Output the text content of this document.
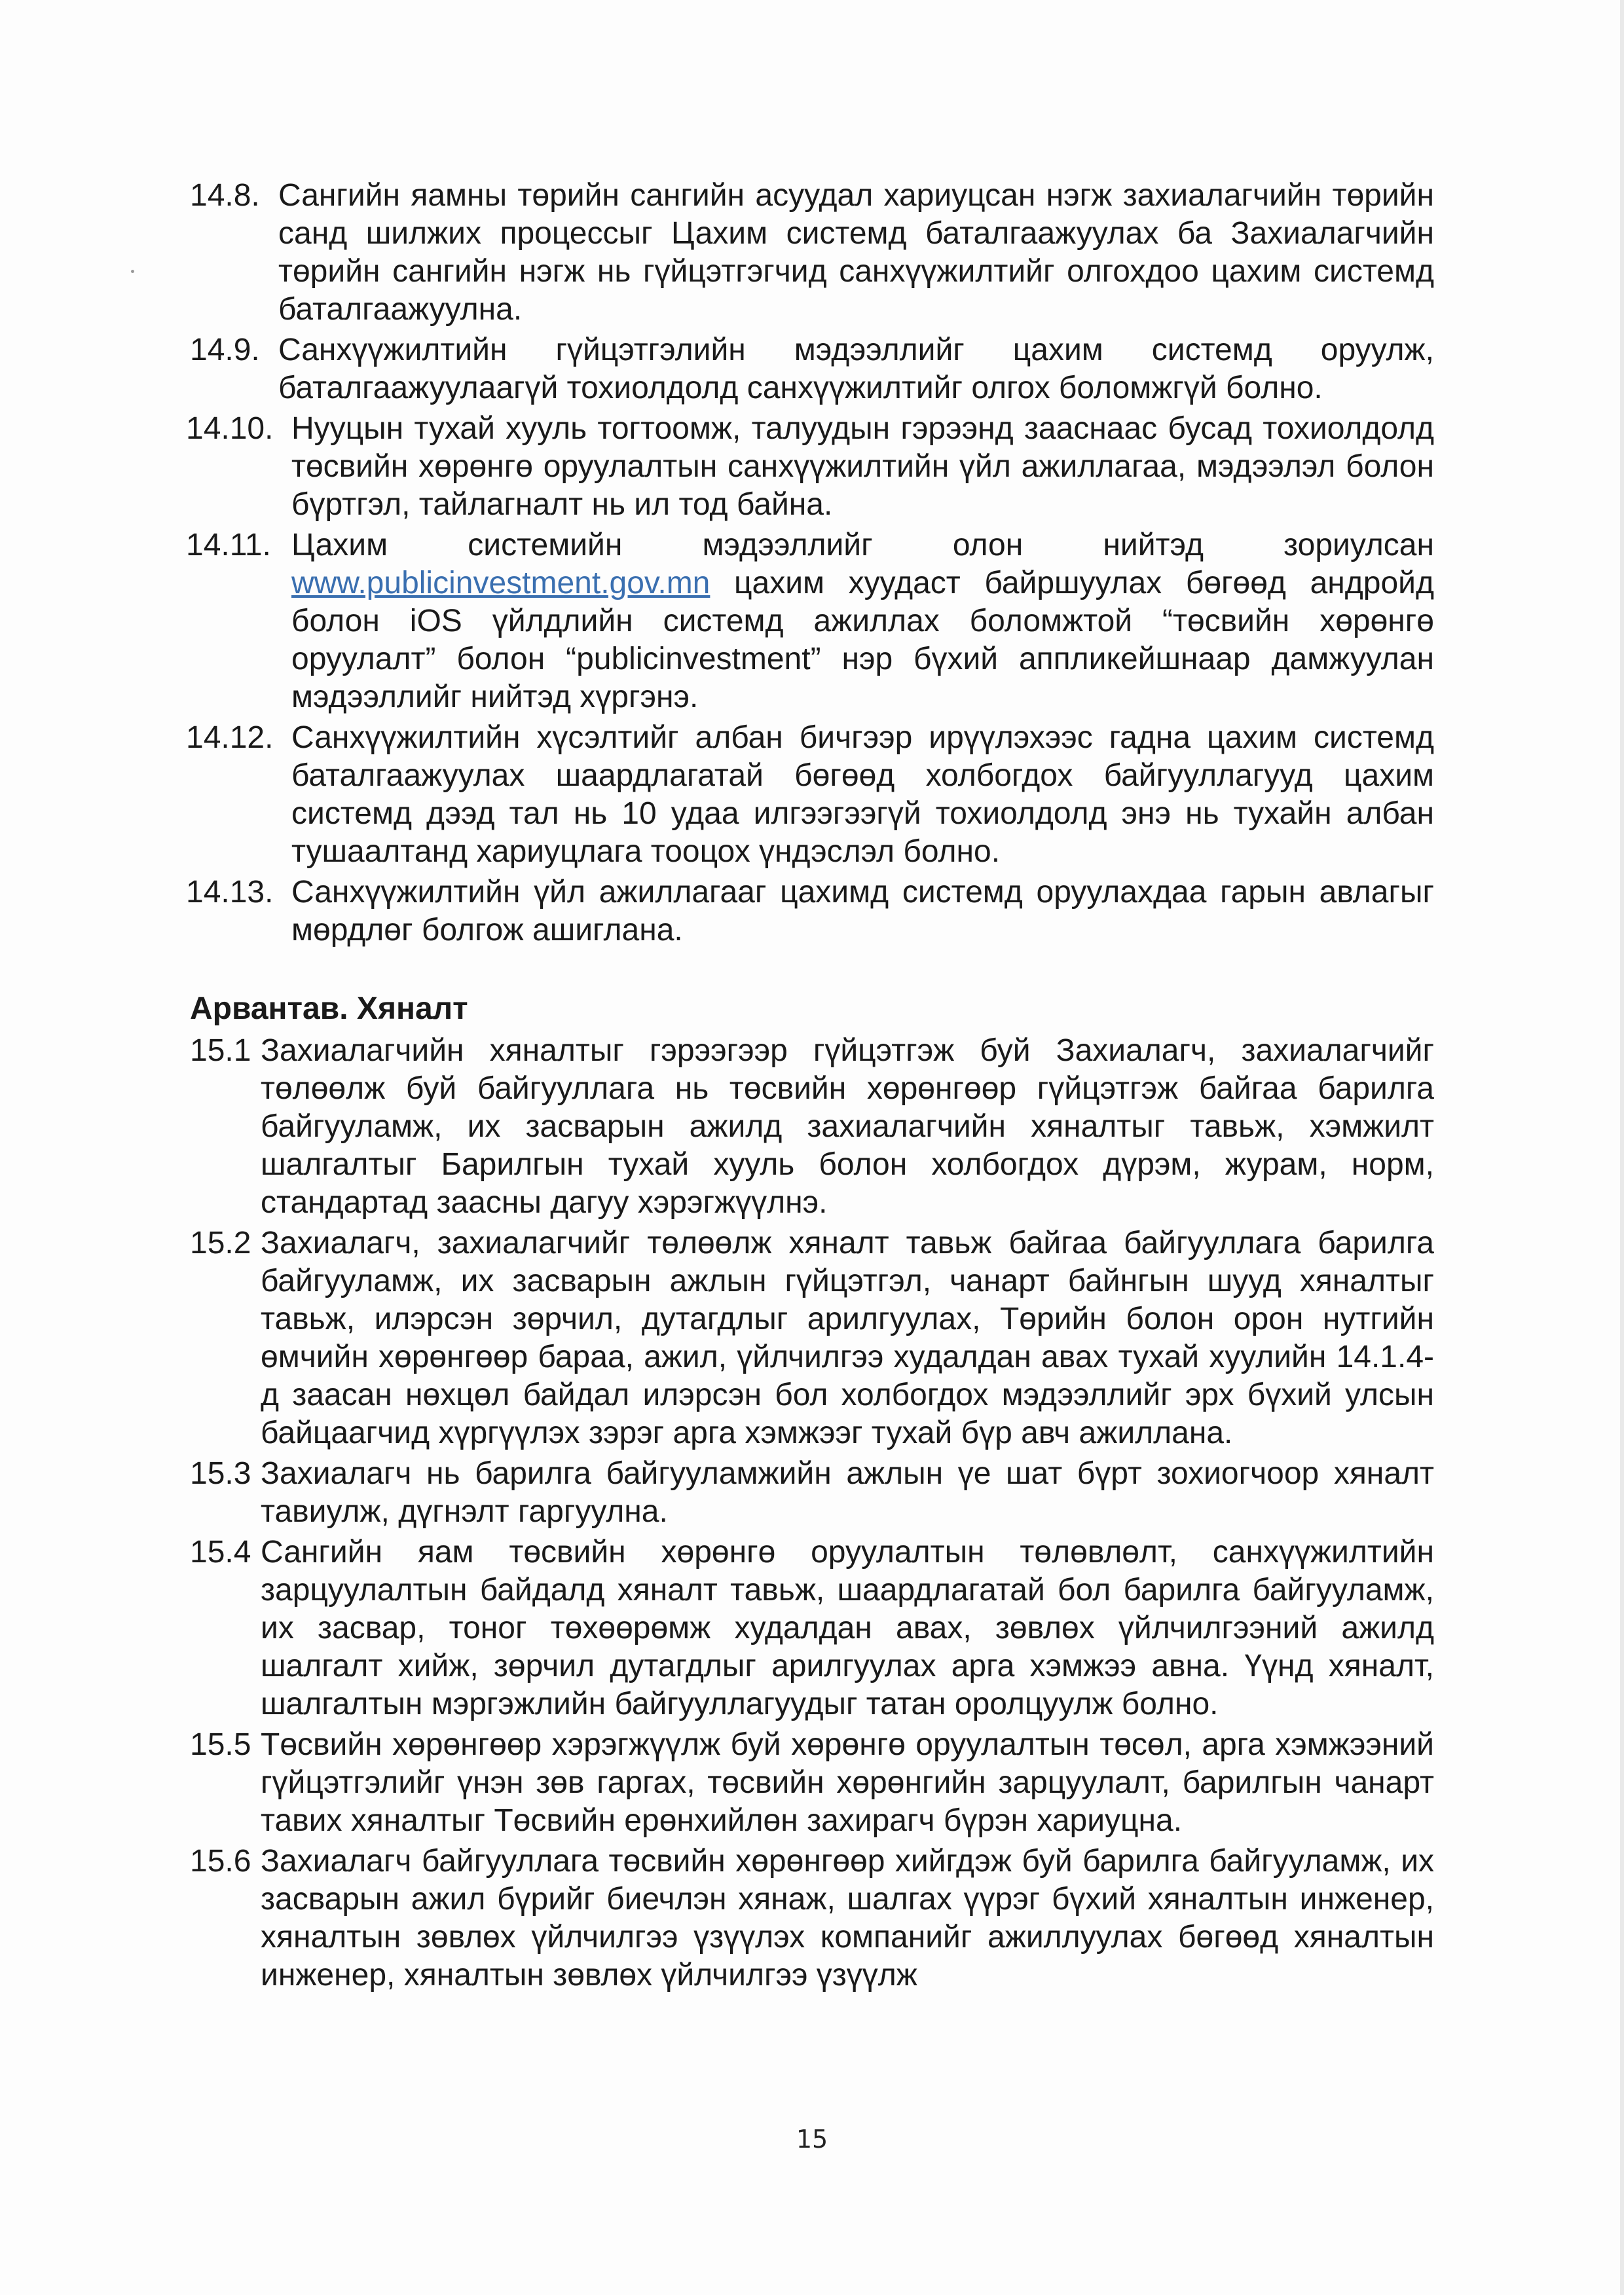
14.8. Сангийн яамны төрийн сангийн асуудал хариуцсан нэгж захиалагчийн төрийн санд шилжих процессыг Цахим системд баталгаажуулах ба Захиалагчийн төрийн сангийн нэгж нь гүйцэтгэгчид санхүүжилтийг олгохдоо цахим системд баталгаажуулна.

14.9. Санхүүжилтийн гүйцэтгэлийн мэдээллийг цахим системд оруулж, баталгаажуулаагүй тохиолдолд санхүүжилтийг олгох боломжгүй болно.

14.10. Нууцын тухай хууль тогтоомж, талуудын гэрээнд зааснаас бусад тохиолдолд төсвийн хөрөнгө оруулалтын санхүүжилтийн үйл ажиллагаа, мэдээлэл болон бүртгэл, тайлагналт нь ил тод байна.

14.11. Цахим системийн мэдээллийг олон нийтэд зориулсан www.publicinvestment.gov.mn цахим хуудаст байршуулах бөгөөд андройд болон iOS үйлдлийн системд ажиллах боломжтой “төсвийн хөрөнгө оруулалт” болон “publicinvestment” нэр бүхий аппликейшнаар дамжуулан мэдээллийг нийтэд хүргэнэ.

14.12. Санхүүжилтийн хүсэлтийг албан бичгээр ирүүлэхээс гадна цахим системд баталгаажуулах шаардлагатай бөгөөд холбогдох байгууллагууд цахим системд дээд тал нь 10 удаа илгээгээгүй тохиолдолд энэ нь тухайн албан тушаалтанд хариуцлага тооцох үндэслэл болно.

14.13. Санхүүжилтийн үйл ажиллагааг цахимд системд оруулахдаа гарын авлагыг мөрдлөг болгож ашиглана.

Арвантав. Хяналт

15.1 Захиалагчийн хяналтыг гэрээгээр гүйцэтгэж буй Захиалагч, захиалагчийг төлөөлж буй байгууллага нь төсвийн хөрөнгөөр гүйцэтгэж байгаа барилга байгууламж, их засварын ажилд захиалагчийн хяналтыг тавьж, хэмжилт шалгалтыг Барилгын тухай хууль болон холбогдох дүрэм, журам, норм, стандартад заасны дагуу хэрэгжүүлнэ.

15.2 Захиалагч, захиалагчийг төлөөлж хяналт тавьж байгаа байгууллага барилга байгууламж, их засварын ажлын гүйцэтгэл, чанарт байнгын шууд хяналтыг тавьж, илэрсэн зөрчил, дутагдлыг арилгуулах, Төрийн болон орон нутгийн өмчийн хөрөнгөөр бараа, ажил, үйлчилгээ худалдан авах тухай хуулийн 14.1.4-д заасан нөхцөл байдал илэрсэн бол холбогдох мэдээллийг эрх бүхий улсын байцаагчид хүргүүлэх зэрэг арга хэмжээг тухай бүр авч ажиллана.

15.3 Захиалагч нь барилга байгууламжийн ажлын үе шат бүрт зохиогчоор хяналт тавиулж, дүгнэлт гаргуулна.

15.4 Сангийн яам төсвийн хөрөнгө оруулалтын төлөвлөлт, санхүүжилтийн зарцуулалтын байдалд хяналт тавьж, шаардлагатай бол барилга байгууламж, их засвар, тоног төхөөрөмж худалдан авах, зөвлөх үйлчилгээний ажилд шалгалт хийж, зөрчил дутагдлыг арилгуулах арга хэмжээ авна. Үүнд хяналт, шалгалтын мэргэжлийн байгууллагуудыг татан оролцуулж болно.

15.5 Төсвийн хөрөнгөөр хэрэгжүүлж буй хөрөнгө оруулалтын төсөл, арга хэмжээний гүйцэтгэлийг үнэн зөв гаргах, төсвийн хөрөнгийн зарцуулалт, барилгын чанарт тавих хяналтыг Төсвийн ерөнхийлөн захирагч бүрэн хариуцна.

15.6 Захиалагч байгууллага төсвийн хөрөнгөөр хийгдэж буй барилга байгууламж, их засварын ажил бүрийг биечлэн хянаж, шалгах үүрэг бүхий хяналтын инженер, хяналтын зөвлөх үйлчилгээ үзүүлэх компанийг ажиллуулах бөгөөд хяналтын инженер, хяналтын зөвлөх үйлчилгээ үзүүлж

15
